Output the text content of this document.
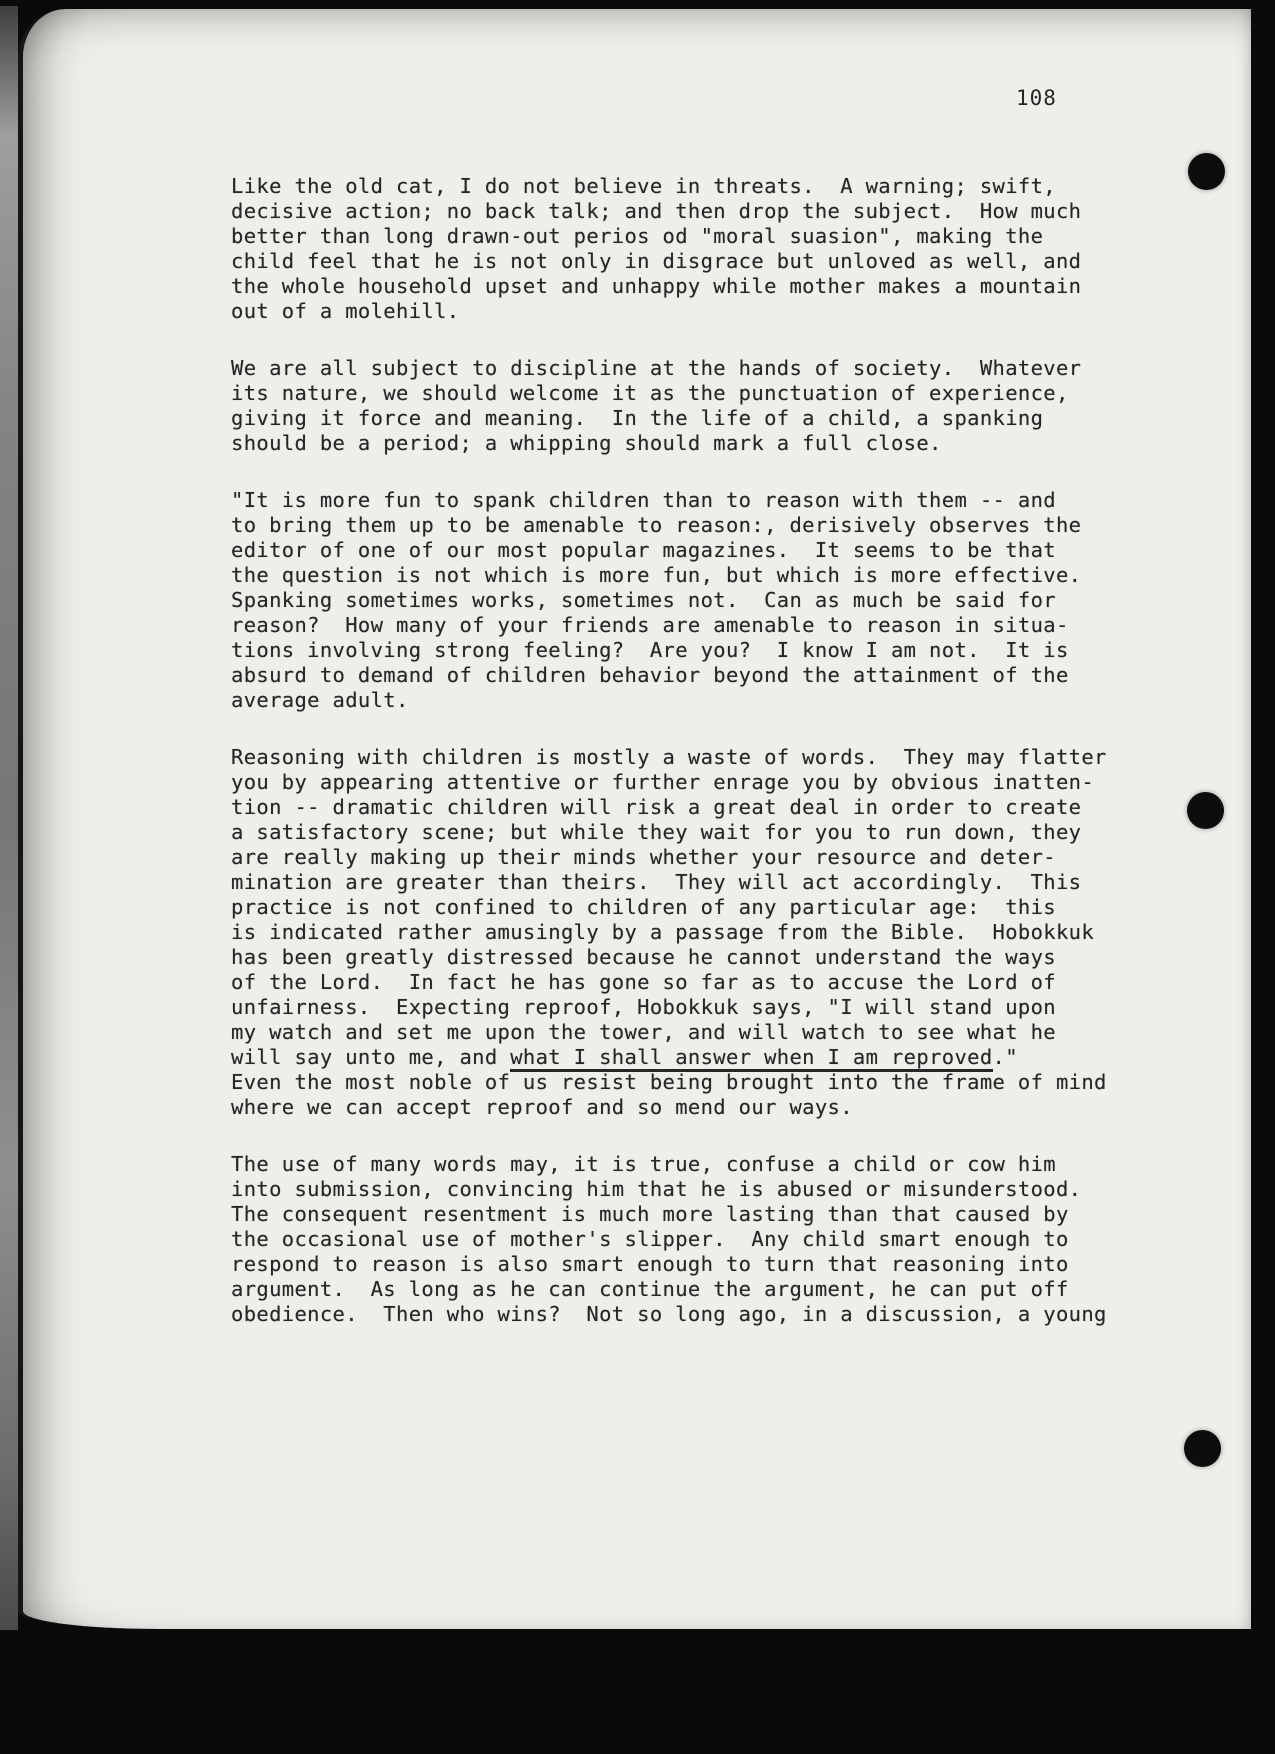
108
Like the old cat, I do not believe in threats.  A warning; swift,
decisive action; no back talk; and then drop the subject.  How much
better than long drawn-out perios od "moral suasion", making the
child feel that he is not only in disgrace but unloved as well, and
the whole household upset and unhappy while mother makes a mountain
out of a molehill.
We are all subject to discipline at the hands of society.  Whatever
its nature, we should welcome it as the punctuation of experience,
giving it force and meaning.  In the life of a child, a spanking
should be a period; a whipping should mark a full close.
"It is more fun to spank children than to reason with them -- and
to bring them up to be amenable to reason:, derisively observes the
editor of one of our most popular magazines.  It seems to be that
the question is not which is more fun, but which is more effective.
Spanking sometimes works, sometimes not.  Can as much be said for
reason?  How many of your friends are amenable to reason in situa-
tions involving strong feeling?  Are you?  I know I am not.  It is
absurd to demand of children behavior beyond the attainment of the
average adult.
Reasoning with children is mostly a waste of words.  They may flatter
you by appearing attentive or further enrage you by obvious inatten-
tion -- dramatic children will risk a great deal in order to create
a satisfactory scene; but while they wait for you to run down, they
are really making up their minds whether your resource and deter-
mination are greater than theirs.  They will act accordingly.  This
practice is not confined to children of any particular age:  this
is indicated rather amusingly by a passage from the Bible.  Hobokkuk
has been greatly distressed because he cannot understand the ways
of the Lord.  In fact he has gone so far as to accuse the Lord of
unfairness.  Expecting reproof, Hobokkuk says, "I will stand upon
my watch and set me upon the tower, and will watch to see what he
will say unto me, and what I shall answer when I am reproved."
Even the most noble of us resist being brought into the frame of mind
where we can accept reproof and so mend our ways.
The use of many words may, it is true, confuse a child or cow him
into submission, convincing him that he is abused or misunderstood.
The consequent resentment is much more lasting than that caused by
the occasional use of mother's slipper.  Any child smart enough to
respond to reason is also smart enough to turn that reasoning into
argument.  As long as he can continue the argument, he can put off
obedience.  Then who wins?  Not so long ago, in a discussion, a young
